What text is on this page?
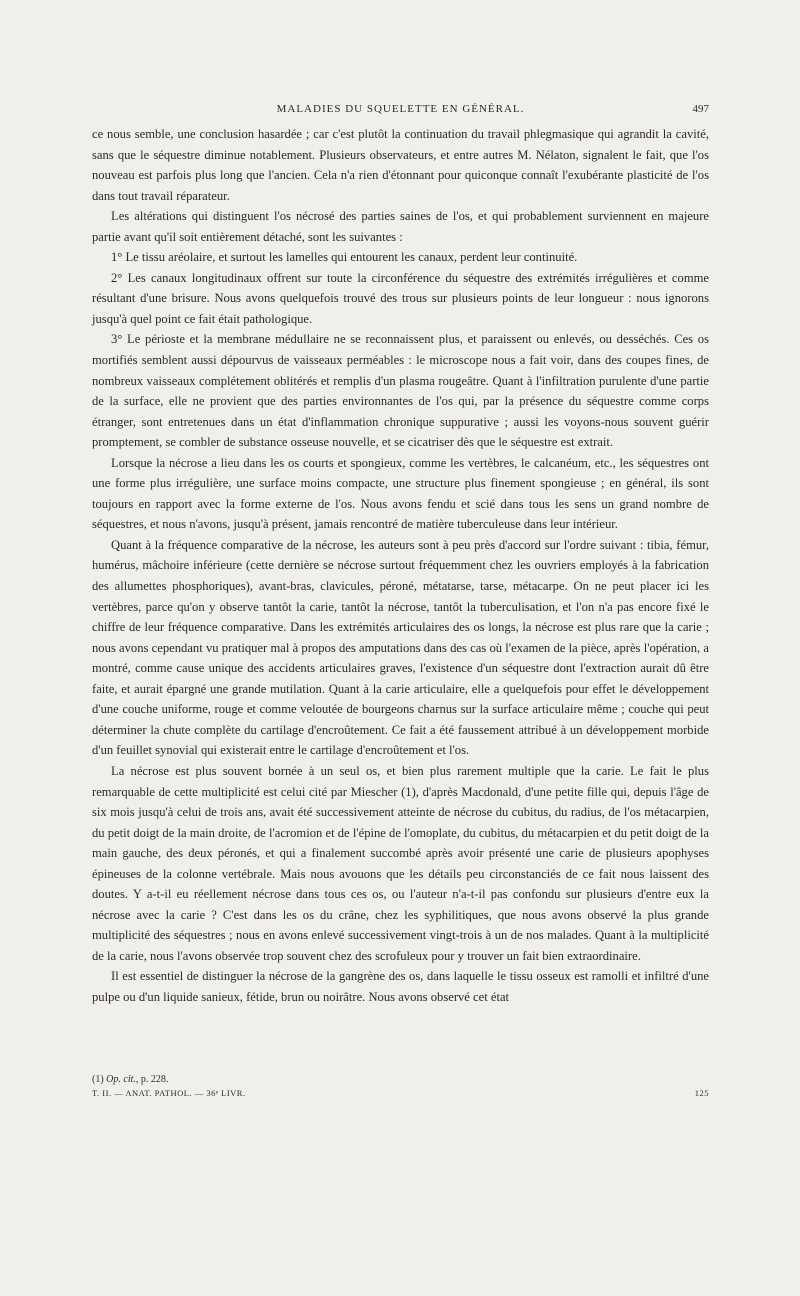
MALADIES DU SQUELETTE EN GÉNÉRAL.	497

ce nous semble, une conclusion hasardée ; car c'est plutôt la continuation du travail phlegmasique qui agrandit la cavité, sans que le séquestre diminue notablement. Plusieurs observateurs, et entre autres M. Nélaton, signalent le fait, que l'os nouveau est parfois plus long que l'ancien. Cela n'a rien d'étonnant pour quiconque connaît l'exubérante plasticité de l'os dans tout travail réparateur.

Les altérations qui distinguent l'os nécrosé des parties saines de l'os, et qui probablement surviennent en majeure partie avant qu'il soit entièrement détaché, sont les suivantes :

1° Le tissu aréolaire, et surtout les lamelles qui entourent les canaux, perdent leur continuité.

2° Les canaux longitudinaux offrent sur toute la circonférence du séquestre des extrémités irrégulières et comme résultant d'une brisure. Nous avons quelquefois trouvé des trous sur plusieurs points de leur longueur : nous ignorons jusqu'à quel point ce fait était pathologique.

3° Le périoste et la membrane médullaire ne se reconnaissent plus, et paraissent ou enlevés, ou desséchés. Ces os mortifiés semblent aussi dépourvus de vaisseaux perméables : le microscope nous a fait voir, dans des coupes fines, de nombreux vaisseaux complétement oblitérés et remplis d'un plasma rougeâtre. Quant à l'infiltration purulente d'une partie de la surface, elle ne provient que des parties environnantes de l'os qui, par la présence du séquestre comme corps étranger, sont entretenues dans un état d'inflammation chronique suppurative ; aussi les voyons-nous souvent guérir promptement, se combler de substance osseuse nouvelle, et se cicatriser dès que le séquestre est extrait.

Lorsque la nécrose a lieu dans les os courts et spongieux, comme les vertèbres, le calcanéum, etc., les séquestres ont une forme plus irrégulière, une surface moins compacte, une structure plus finement spongieuse ; en général, ils sont toujours en rapport avec la forme externe de l'os. Nous avons fendu et scié dans tous les sens un grand nombre de séquestres, et nous n'avons, jusqu'à présent, jamais rencontré de matière tuberculeuse dans leur intérieur.

Quant à la fréquence comparative de la nécrose, les auteurs sont à peu près d'accord sur l'ordre suivant : tibia, fémur, humérus, mâchoire inférieure (cette dernière se nécrose surtout fréquemment chez les ouvriers employés à la fabrication des allumettes phosphoriques), avant-bras, clavicules, péroné, métatarse, tarse, métacarpe. On ne peut placer ici les vertèbres, parce qu'on y observe tantôt la carie, tantôt la nécrose, tantôt la tuberculisation, et l'on n'a pas encore fixé le chiffre de leur fréquence comparative. Dans les extrémités articulaires des os longs, la nécrose est plus rare que la carie ; nous avons cependant vu pratiquer mal à propos des amputations dans des cas où l'examen de la pièce, après l'opération, a montré, comme cause unique des accidents articulaires graves, l'existence d'un séquestre dont l'extraction aurait dû être faite, et aurait épargné une grande mutilation. Quant à la carie articulaire, elle a quelquefois pour effet le développement d'une couche uniforme, rouge et comme veloutée de bourgeons charnus sur la surface articulaire même ; couche qui peut déterminer la chute complète du cartilage d'encroûtement. Ce fait a été faussement attribué à un développement morbide d'un feuillet synovial qui existerait entre le cartilage d'encroûtement et l'os.

La nécrose est plus souvent bornée à un seul os, et bien plus rarement multiple que la carie. Le fait le plus remarquable de cette multiplicité est celui cité par Miescher (1), d'après Macdonald, d'une petite fille qui, depuis l'âge de six mois jusqu'à celui de trois ans, avait été successivement atteinte de nécrose du cubitus, du radius, de l'os métacarpien, du petit doigt de la main droite, de l'acromion et de l'épine de l'omoplate, du cubitus, du métacarpien et du petit doigt de la main gauche, des deux péronés, et qui a finalement succombé après avoir présenté une carie de plusieurs apophyses épineuses de la colonne vertébrale. Mais nous avouons que les détails peu circonstanciés de ce fait nous laissent des doutes. Y a-t-il eu réellement nécrose dans tous ces os, ou l'auteur n'a-t-il pas confondu sur plusieurs d'entre eux la nécrose avec la carie ? C'est dans les os du crâne, chez les syphilitiques, que nous avons observé la plus grande multiplicité des séquestres ; nous en avons enlevé successivement vingt-trois à un de nos malades. Quant à la multiplicité de la carie, nous l'avons observée trop souvent chez des scrofuleux pour y trouver un fait bien extraordinaire.

Il est essentiel de distinguer la nécrose de la gangrène des os, dans laquelle le tissu osseux est ramolli et infiltré d'une pulpe ou d'un liquide sanieux, fétide, brun ou noirâtre. Nous avons observé cet état

(1) Op. cit., p. 228.
T. II. — ANAT. PATHOL. — 36ᵉ LIVR.	125
